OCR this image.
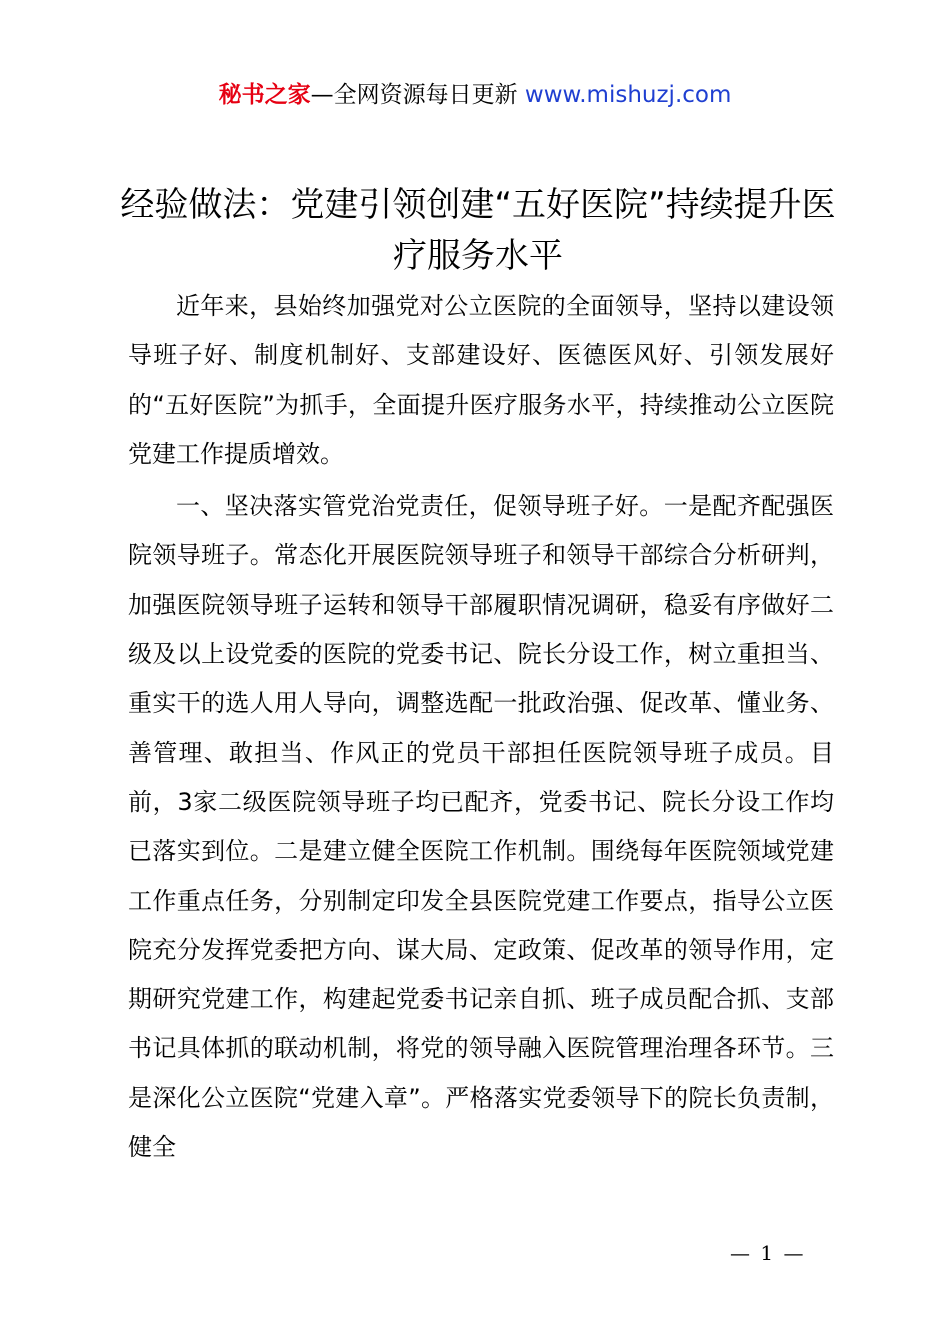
秘书之家—全网资源每日更新 www.mishuzj.com
经验做法：党建引领创建“五好医院”持续提升医疗服务水平

近年来，县始终加强党对公立医院的全面领导，坚持以建设领导班子好、制度机制好、支部建设好、医德医风好、引领发展好的“五好医院”为抓手，全面提升医疗服务水平，持续推动公立医院党建工作提质增效。

一、坚决落实管党治党责任，促领导班子好。一是配齐配强医院领导班子。常态化开展医院领导班子和领导干部综合分析研判，加强医院领导班子运转和领导干部履职情况调研，稳妥有序做好二级及以上设党委的医院的党委书记、院长分设工作，树立重担当、重实干的选人用人导向，调整选配一批政治强、促改革、懂业务、善管理、敢担当、作风正的党员干部担任医院领导班子成员。目前，3家二级医院领导班子均已配齐，党委书记、院长分设工作均已落实到位。二是建立健全医院工作机制。围绕每年医院领域党建工作重点任务，分别制定印发全县医院党建工作要点，指导公立医院充分发挥党委把方向、谋大局、定政策、促改革的领导作用，定期研究党建工作，构建起党委书记亲自抓、班子成员配合抓、支部书记具体抓的联动机制，将党的领导融入医院管理治理各环节。三是深化公立医院“党建入章”。严格落实党委领导下的院长负责制，健全

— 1 —
